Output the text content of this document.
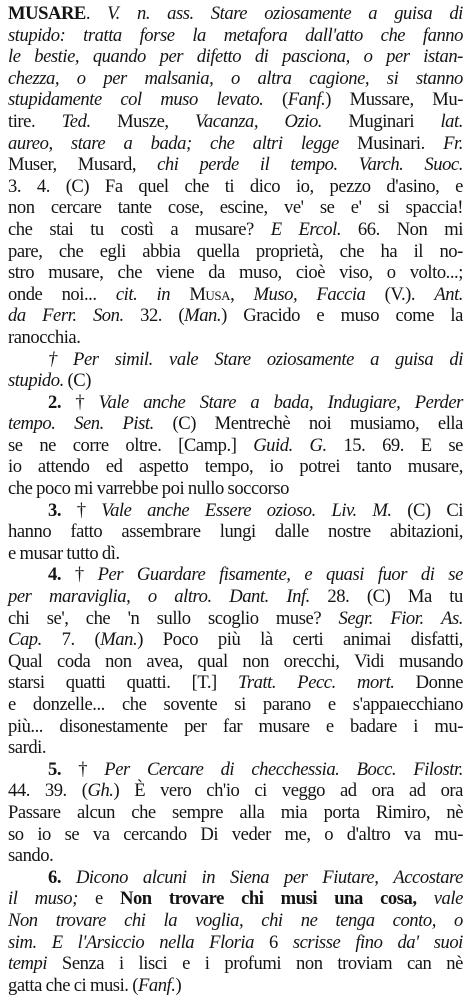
MUSARE. V. n. ass. Stare oziosamente a guisa di
stupido: tratta forse la metafora dall'atto che fanno
le bestie, quando per difetto di pasciona, o per istan-
chezza, o per malsania, o altra cagione, si stanno
stupidamente col muso levato. (Fanf.) Mussare, Mu-
tire. Ted. Musze, Vacanza, Ozio. Muginari lat.
aureo, stare a bada; che altri legge Musinari. Fr.
Muser, Musard, chi perde il tempo. Varch. Suoc.
3. 4. (C) Fa quel che ti dico io, pezzo d'asino, e
non cercare tante cose, escine, ve' se e' si spaccia!
che stai tu costì a musare? E Ercol. 66. Non mi
pare, che egli abbia quella proprietà, che ha il no-
stro musare, che viene da muso, cioè viso, o volto...;
onde noi... cit. in Musa, Muso, Faccia (V.). Ant.
da Ferr. Son. 32. (Man.) Gracido e muso come la
ranocchia.
† Per simil. vale Stare oziosamente a guisa di
stupido. (C)
2. † Vale anche Stare a bada, Indugiare, Perder
tempo. Sen. Pist. (C) Mentrechè noi musiamo, ella
se ne corre oltre. [Camp.] Guid. G. 15. 69. E se
io attendo ed aspetto tempo, io potrei tanto musare,
che poco mi varrebbe poi nullo soccorso
3. † Vale anche Essere ozioso. Liv. M. (C) Ci
hanno fatto assembrare lungi dalle nostre abitazioni,
e musar tutto dì.
4. † Per Guardare fisamente, e quasi fuor di se
per maraviglia, o altro. Dant. Inf. 28. (C) Ma tu
chi se', che 'n sullo scoglio muse? Segr. Fior. As.
Cap. 7. (Man.) Poco più là certi animai disfatti,
Qual coda non avea, qual non orecchi, Vidi musando
starsi quatti quatti. [T.] Tratt. Pecc. mort. Donne
e donzelle... che sovente si parano e s'appaıecchiano
più... disonestamente per far musare e badare i mu-
sardi.
5. † Per Cercare di checchessia. Bocc. Filostr.
44. 39. (Gh.) È vero ch'io ci veggo ad ora ad ora
Passare alcun che sempre alla mia porta Rimiro, nè
so io se va cercando Di veder me, o d'altro va mu-
sando.
6. Dicono alcuni in Siena per Fiutare, Accostare
il muso; e Non trovare chi musi una cosa, vale
Non trovare chi la voglia, chi ne tenga conto, o
sim. E l'Arsiccio nella Floria 6 scrisse fino da' suoi
tempi Senza i lisci e i profumi non troviam can nè
gatta che ci musi. (Fanf.)
